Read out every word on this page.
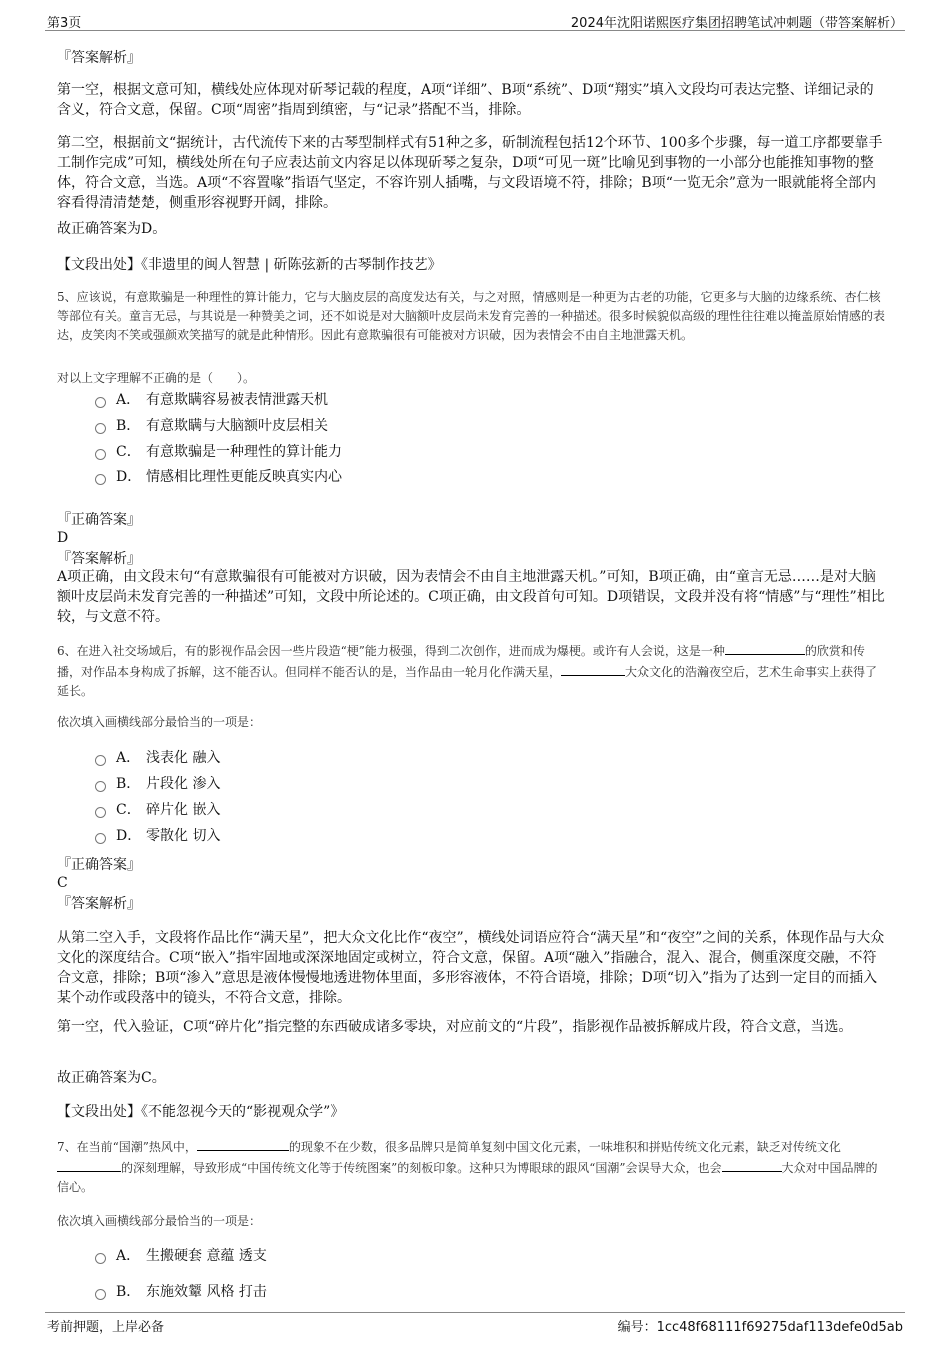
第3页	2024年沈阳诺熙医疗集团招聘笔试冲刺题（带答案解析）
『答案解析』
第一空，根据文意可知，横线处应体现对斫琴记载的程度，A项“详细”、B项“系统”、D项“翔实”填入文段均可表达完整、详细记录的含义，符合文意，保留。C项“周密”指周到缜密，与“记录”搭配不当，排除。
第二空，根据前文“据统计，古代流传下来的古琴型制样式有51种之多，斫制流程包括12个环节、100多个步骤，每一道工序都要靠手工制作完成”可知，横线处所在句子应表达前文内容足以体现斫琴之复杂，D项“可见一斑”比喻见到事物的一小部分也能推知事物的整体，符合文意，当选。A项“不容置喙”指语气坚定，不容许别人插嘴，与文段语境不符，排除；B项“一览无余”意为一眼就能将全部内容看得清清楚楚，侧重形容视野开阔，排除。
故正确答案为D。
【文段出处】《非遗里的闽人智慧 | 斫陈弦新的古琴制作技艺》
5、应该说，有意欺骗是一种理性的算计能力，它与大脑皮层的高度发达有关，与之对照，情感则是一种更为古老的功能，它更多与大脑的边缘系统、杏仁核等部位有关。童言无忌，与其说是一种赞美之词，还不如说是对大脑额叶皮层尚未发育完善的一种描述。很多时候貌似高级的理性往往难以掩盖原始情感的表达，皮笑肉不笑或强颜欢笑描写的就是此种情形。因此有意欺骗很有可能被对方识破，因为表情会不由自主地泄露天机。
对以上文字理解不正确的是（　　）。
A． 有意欺瞒容易被表情泄露天机
B． 有意欺瞒与大脑额叶皮层相关
C． 有意欺骗是一种理性的算计能力
D． 情感相比理性更能反映真实内心
『正确答案』
D
『答案解析』
A项正确，由文段末句“有意欺骗很有可能被对方识破，因为表情会不由自主地泄露天机。”可知，B项正确，由“童言无忌……是对大脑额叶皮层尚未发育完善的一种描述”可知，文段中所论述的。C项正确，由文段首句可知。D项错误，文段并没有将“情感”与“理性”相比较，与文意不符。
6、在进入社交场域后，有的影视作品会因一些片段造“梗”能力极强，得到二次创作，进而成为爆梗。或许有人会说，这是一种	的欣赏和传播，对作品本身构成了拆解，这不能否认。但同样不能否认的是，当作品由一轮月化作满天星，	大众文化的浩瀚夜空后，艺术生命事实上获得了延长。
依次填入画横线部分最恰当的一项是：
A． 浅表化 融入
B． 片段化 渗入
C． 碎片化 嵌入
D． 零散化 切入
『正确答案』
C
『答案解析』
从第二空入手，文段将作品比作“满天星”，把大众文化比作“夜空”，横线处词语应符合“满天星”和“夜空”之间的关系，体现作品与大众文化的深度结合。C项“嵌入”指牢固地或深深地固定或树立，符合文意，保留。A项“融入”指融合，混入、混合，侧重深度交融，不符合文意，排除；B项“渗入”意思是液体慢慢地透进物体里面，多形容液体，不符合语境，排除；D项“切入”指为了达到一定目的而插入某个动作或段落中的镜头，不符合文意，排除。
第一空，代入验证，C项“碎片化”指完整的东西破成诸多零块，对应前文的“片段”，指影视作品被拆解成片段，符合文意，当选。
故正确答案为C。
【文段出处】《不能忽视今天的“影视观众学”》
7、在当前“国潮”热风中，	的现象不在少数，很多品牌只是简单复刻中国文化元素，一味堆积和拼贴传统文化元素，缺乏对传统文化的深刻理解，导致形成“中国传统文化等于传统图案”的刻板印象。这种只为博眼球的跟风“国潮”会误导大众，也会	大众对中国品牌的信心。
依次填入画横线部分最恰当的一项是：
A． 生搬硬套 意蕴 透支
B． 东施效颦 风格 打击
考前押题，上岸必备	编号：1cc48f68111f69275daf113defe0d5ab
